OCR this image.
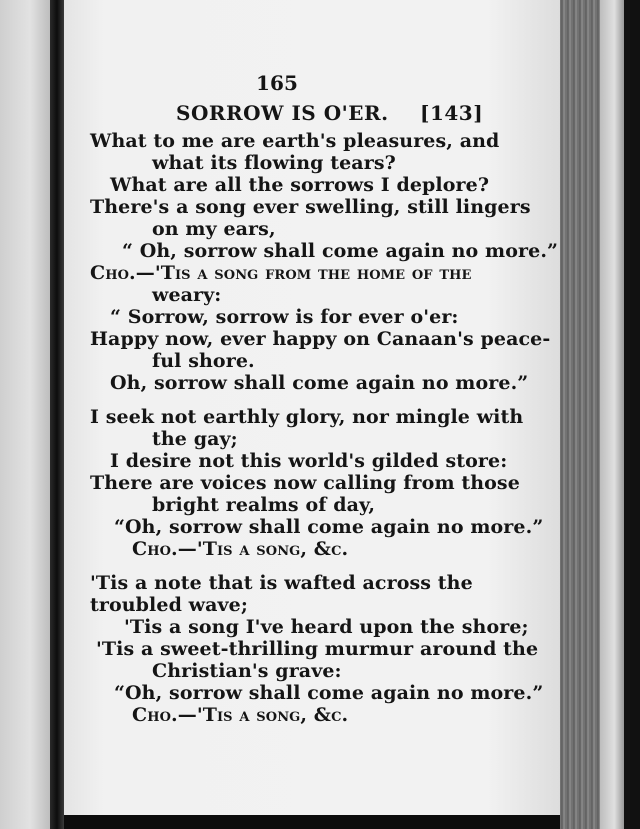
165
SORROW IS O'ER. [143]
What to me are earth's pleasures, and
what its flowing tears?
What are all the sorrows I deplore?
There's a song ever swelling, still lingers
on my ears,
“ Oh, sorrow shall come again no more.”
Cho.—'Tis a song from the home of the
weary:
“ Sorrow, sorrow is for ever o'er:
Happy now, ever happy on Canaan's peace-
ful shore.
Oh, sorrow shall come again no more.”
I seek not earthly glory, nor mingle with
the gay;
I desire not this world's gilded store:
There are voices now calling from those
bright realms of day,
“Oh, sorrow shall come again no more.”
Cho.—'Tis a song, &c.
'Tis a note that is wafted across the
troubled wave;
'Tis a song I've heard upon the shore;
'Tis a sweet-thrilling murmur around the
Christian's grave:
“Oh, sorrow shall come again no more.”
Cho.—'Tis a song, &c.
